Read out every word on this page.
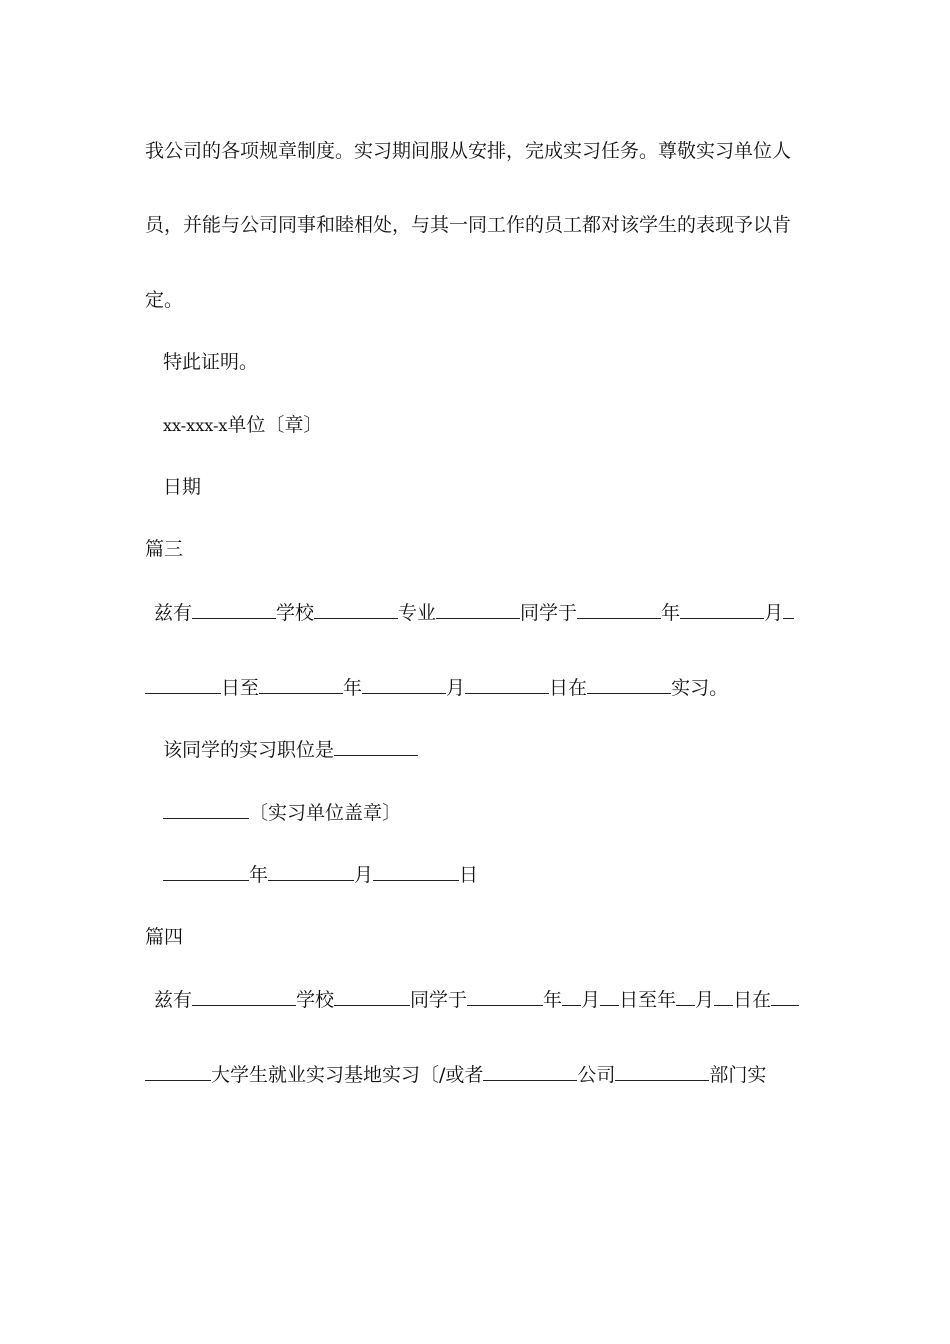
我公司的各项规章制度。实习期间服从安排，完成实习任务。尊敬实习单位人
员，并能与公司同事和睦相处，与其一同工作的员工都对该学生的表现予以肯
定。
特此证明。
xx-xxx-x单位〔章〕
日期
篇三
兹有	学校	专业	同学于	年	月
日至	年	月	日在	实习。
该同学的实习职位是
〔实习单位盖章〕
年	月	日
篇四
兹有	学校	同学于	年 月 日至年 月 日在
大学生就业实习基地实习〔/或者	公司	部门实
